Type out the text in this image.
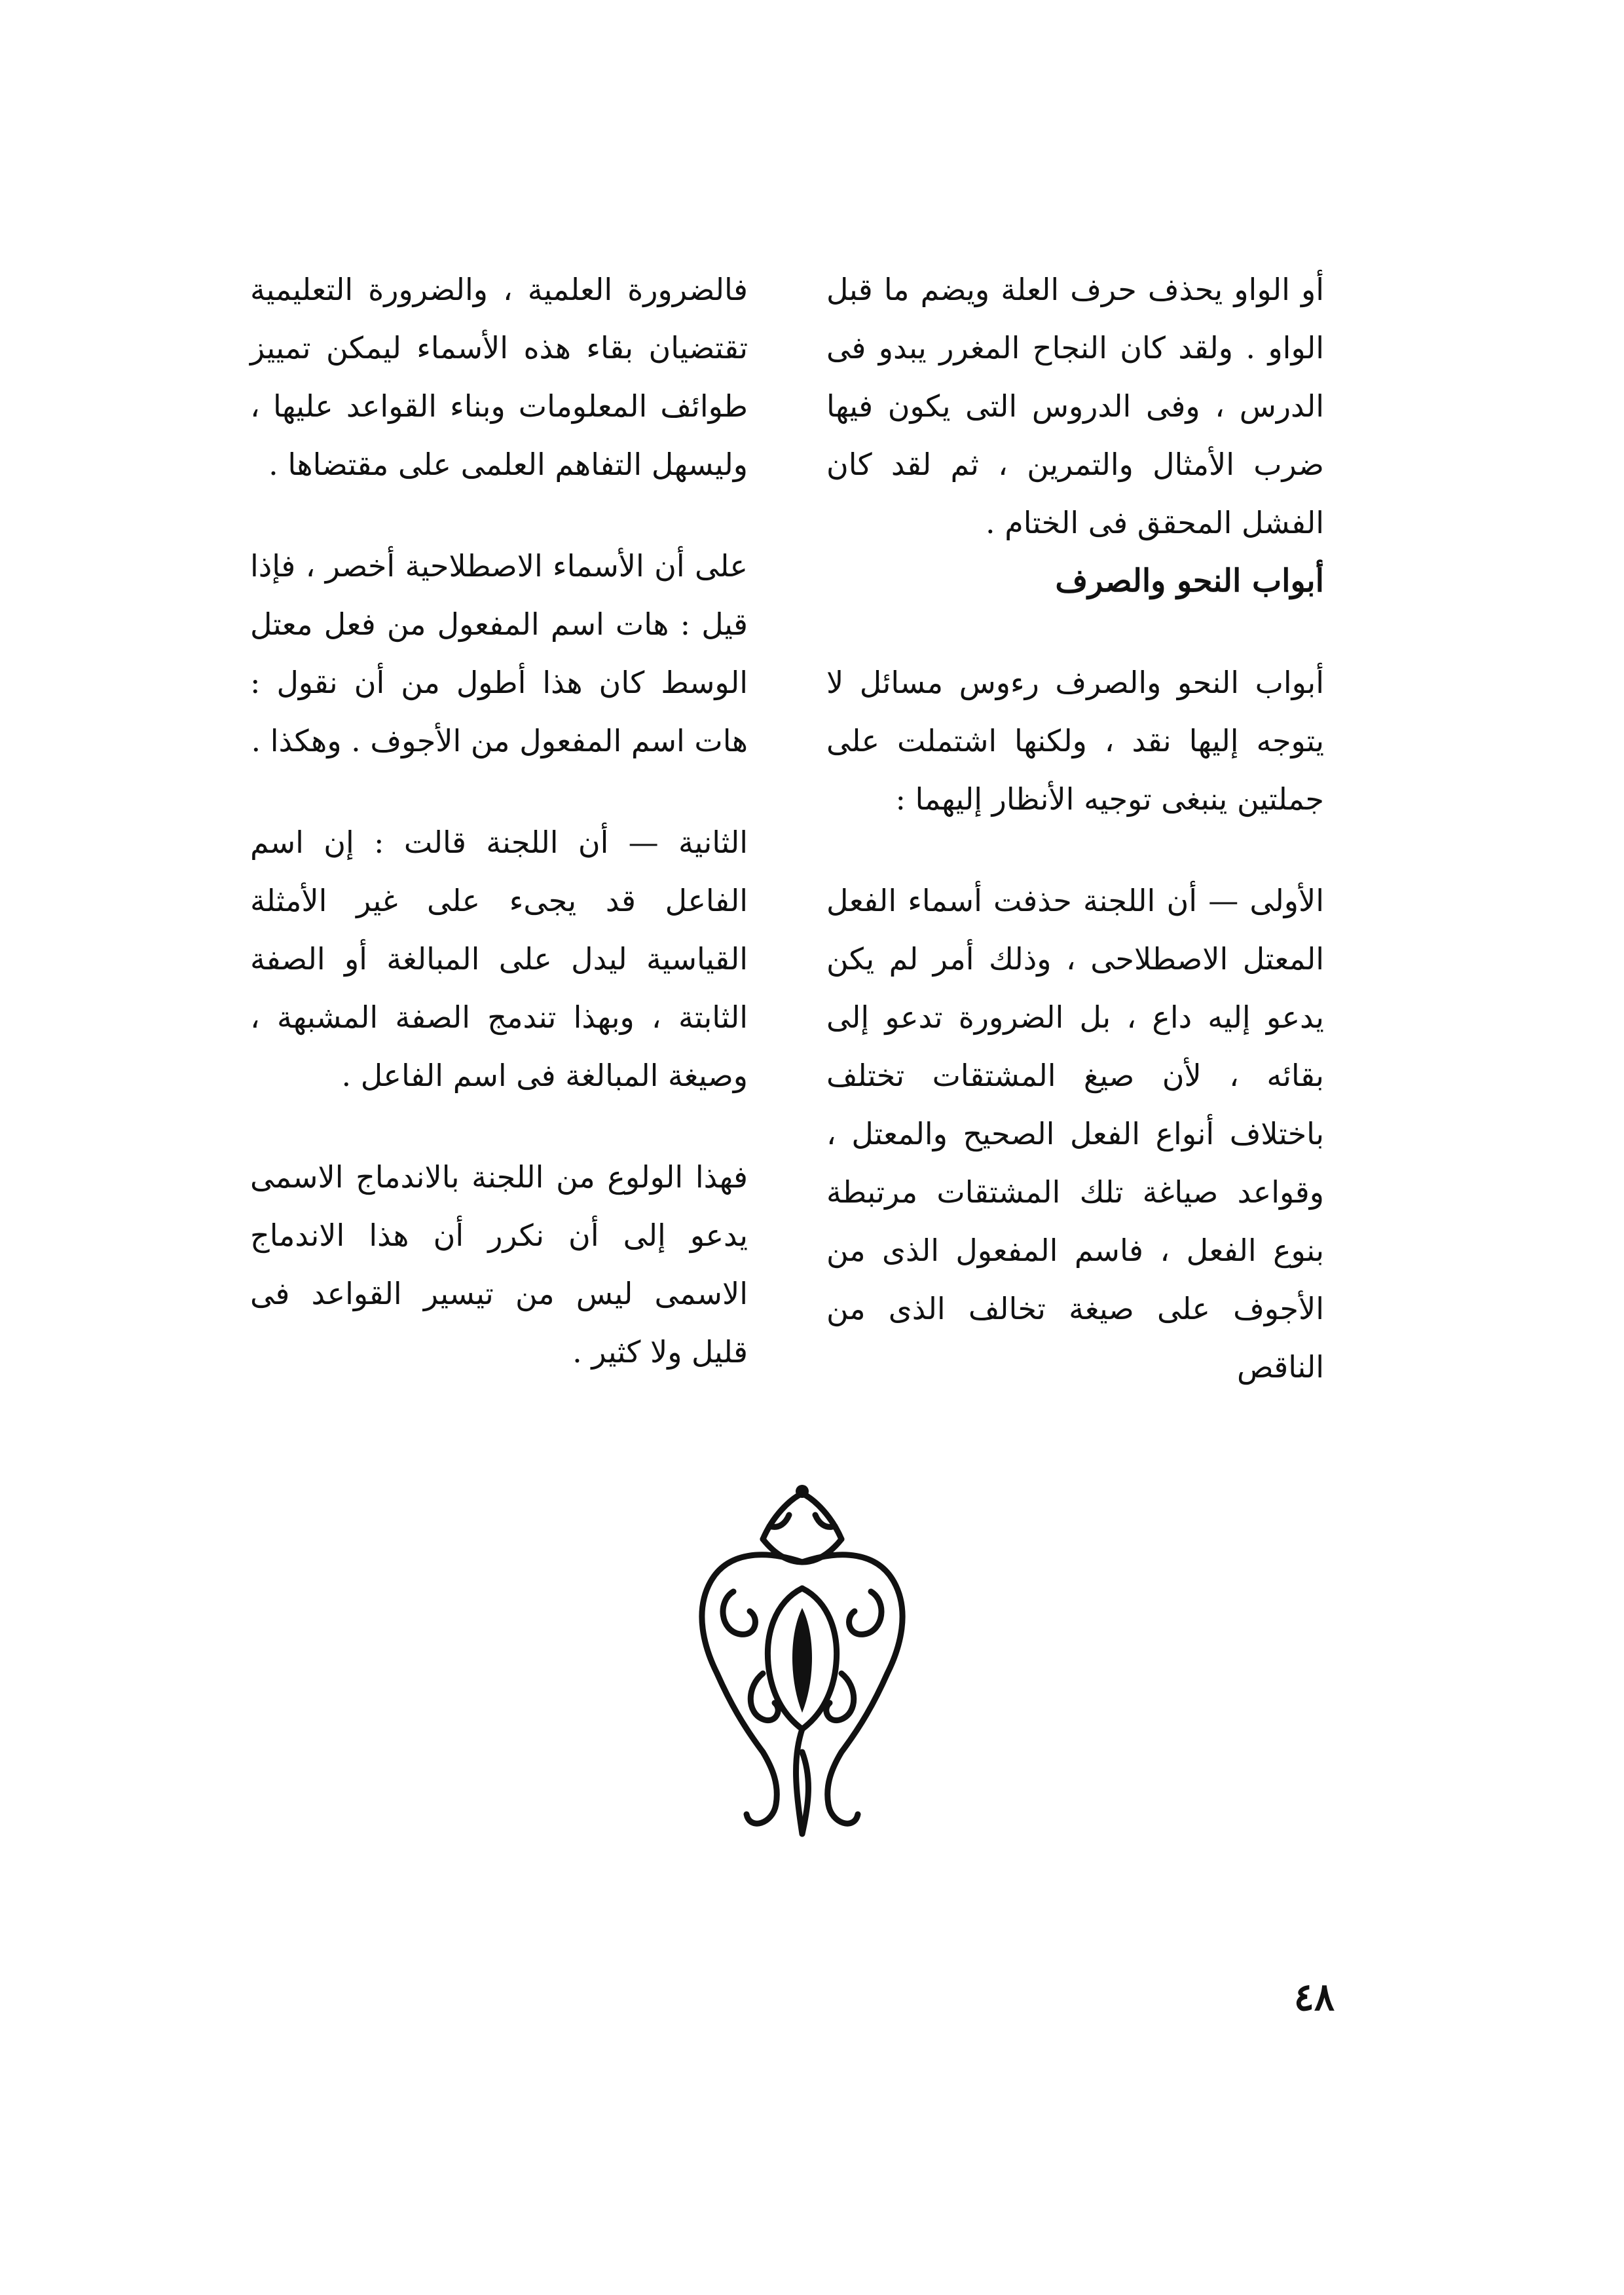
أو الواو يحذف حرف العلة ويضم ما قبل الواو . ولقد كان النجاح المغرر يبدو فى الدرس ، وفى الدروس التى يكون فيها ضرب الأمثال والتمرين ، ثم لقد كان الفشل المحقق فى الختام .

أبواب النحو والصرف

أبواب النحو والصرف رءوس مسائل لا يتوجه إليها نقد ، ولكنها اشتملت على جملتين ينبغى توجيه الأنظار إليهما :

الأولى — أن اللجنة حذفت أسماء الفعل المعتل الاصطلاحى ، وذلك أمر لم يكن يدعو إليه داع ، بل الضرورة تدعو إلى بقائه ، لأن صيغ المشتقات تختلف باختلاف أنواع الفعل الصحيح والمعتل ، وقواعد صياغة تلك المشتقات مرتبطة بنوع الفعل ، فاسم المفعول الذى من الأجوف على صيغة تخالف الذى من الناقص

فالضرورة العلمية ، والضرورة التعليمية تقتضيان بقاء هذه الأسماء ليمكن تمييز طوائف المعلومات وبناء القواعد عليها ، وليسهل التفاهم العلمى على مقتضاها .

على أن الأسماء الاصطلاحية أخصر ، فإذا قيل : هات اسم المفعول من فعل معتل الوسط كان هذا أطول من أن نقول : هات اسم المفعول من الأجوف . وهكذا .

الثانية — أن اللجنة قالت : إن اسم الفاعل قد يجىء على غير الأمثلة القياسية ليدل على المبالغة أو الصفة الثابتة ، وبهذا تندمج الصفة المشبهة ، وصيغة المبالغة فى اسم الفاعل .

فهذا الولوع من اللجنة بالاندماج الاسمى يدعو إلى أن نكرر أن هذا الاندماج الاسمى ليس من تيسير القواعد فى قليل ولا كثير .

٤٨
